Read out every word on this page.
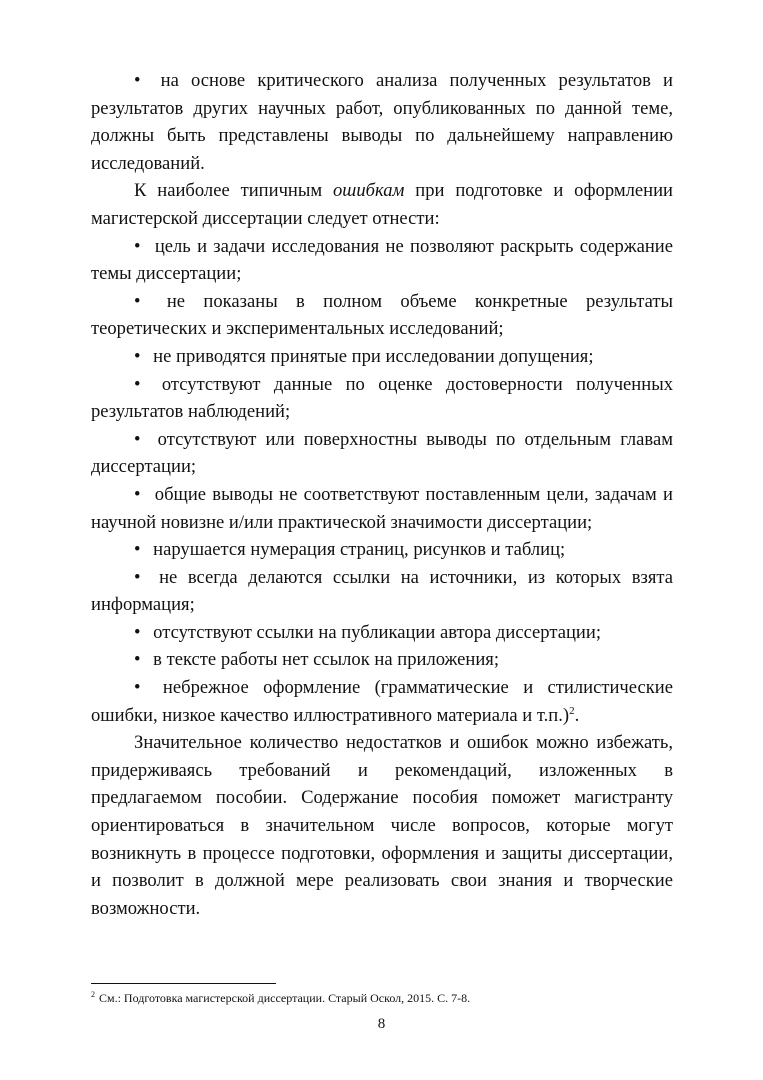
• на основе критического анализа полученных результатов и результатов других научных работ, опубликованных по данной теме, должны быть представлены выводы по дальнейшему направлению исследований.

К наиболее типичным ошибкам при подготовке и оформлении магистерской диссертации следует отнести:

• цель и задачи исследования не позволяют раскрыть содержание темы диссертации;

• не показаны в полном объеме конкретные результаты теоретических и экспериментальных исследований;

• не приводятся принятые при исследовании допущения;

• отсутствуют данные по оценке достоверности полученных результатов наблюдений;

• отсутствуют или поверхностны выводы по отдельным главам диссертации;

• общие выводы не соответствуют поставленным цели, задачам и научной новизне и/или практической значимости диссертации;

• нарушается нумерация страниц, рисунков и таблиц;

• не всегда делаются ссылки на источники, из которых взята информация;

• отсутствуют ссылки на публикации автора диссертации;

• в тексте работы нет ссылок на приложения;

• небрежное оформление (грамматические и стилистические ошибки, низкое качество иллюстративного материала и т.п.)$^2$.

Значительное количество недостатков и ошибок можно избежать, придерживаясь требований и рекомендаций, изложенных в предлагаемом пособии. Содержание пособия поможет магистранту ориентироваться в значительном числе вопросов, которые могут возникнуть в процессе подготовки, оформления и защиты диссертации, и позволит в должной мере реализовать свои знания и творческие возможности.

$^2$ См.: Подготовка магистерской диссертации. Старый Оскол, 2015. С. 7-8.
8
